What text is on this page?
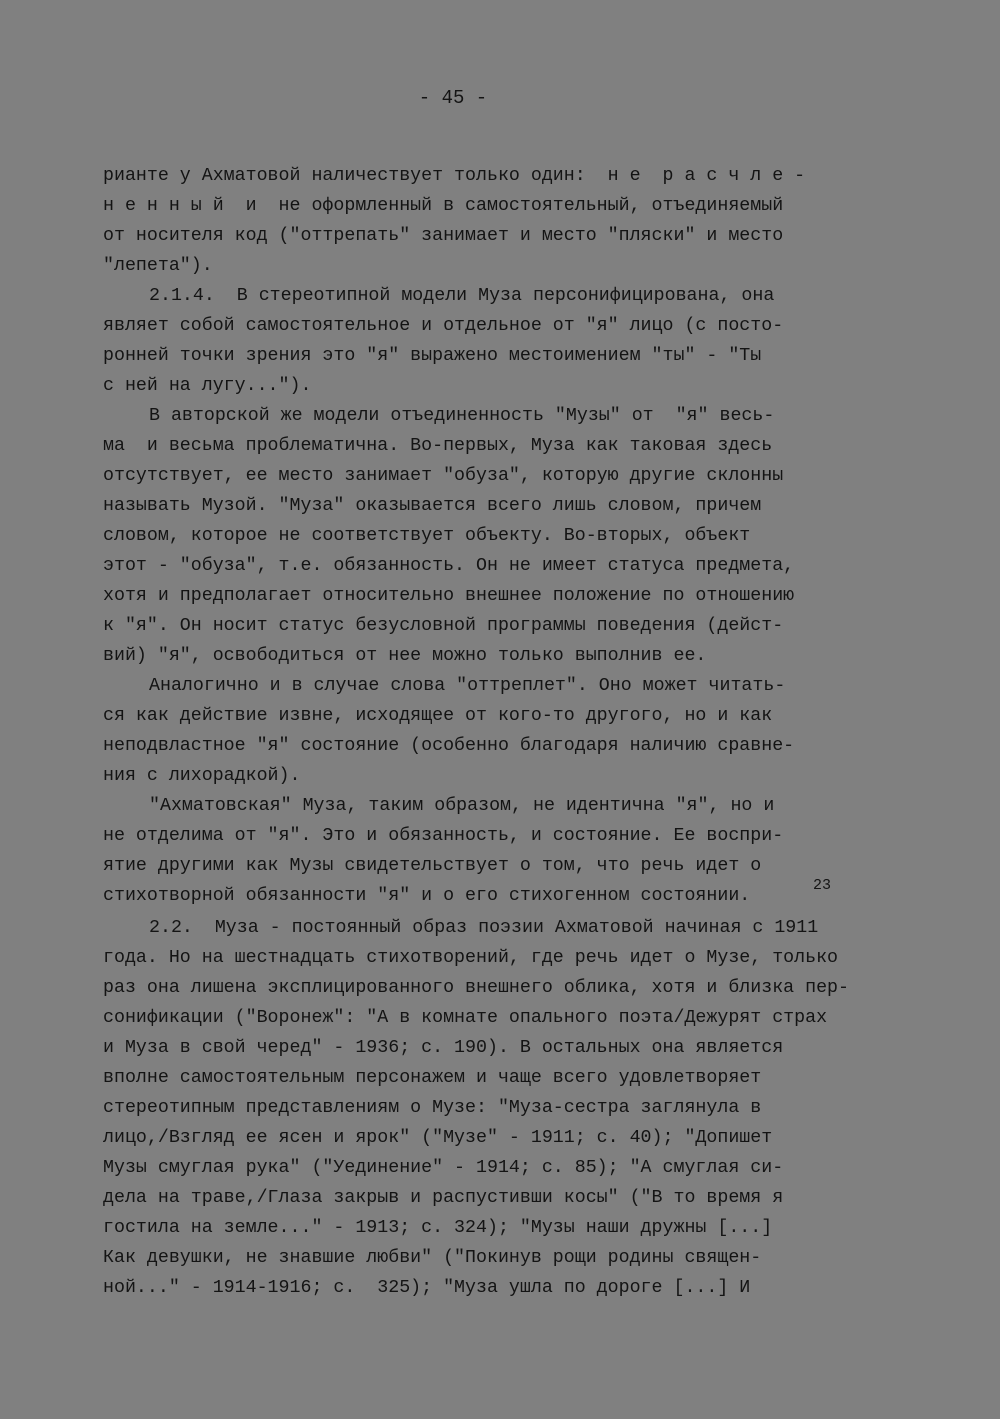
- 45 -
рианте у Ахматовой наличествует только один:  н е  р а с ч л е -
н е н н ы й  и  не оформленный в самостоятельный, отъединяемый
от носителя код ("оттрепать" занимает и место "пляски" и место
"лепета").
2.1.4.  В стереотипной модели Муза персонифицирована, она
являет собой самостоятельное и отдельное от "я" лицо (с посто-
ронней точки зрения это "я" выражено местоимением "ты" - "Ты
с ней на лугу...").
В авторской же модели отъединенность "Музы" от  "я" весь-
ма  и весьма проблематична. Во-первых, Муза как таковая здесь
отсутствует, ее место занимает "обуза", которую другие склонны
называть Музой. "Муза" оказывается всего лишь словом, причем
словом, которое не соответствует объекту. Во-вторых, объект
этот - "обуза", т.е. обязанность. Он не имеет статуса предмета,
хотя и предполагает относительно внешнее положение по отношению
к "я". Он носит статус безусловной программы поведения (дейст-
вий) "я", освободиться от нее можно только выполнив ее.
Аналогично и в случае слова "оттреплет". Оно может читать-
ся как действие извне, исходящее от кого-то другого, но и как
неподвластное "я" состояние (особенно благодаря наличию сравне-
ния с лихорадкой).
"Ахматовская" Муза, таким образом, не идентична "я", но и
не отделима от "я". Это и обязанность, и состояние. Ее воспри-
ятие другими как Музы свидетельствует о том, что речь идет о
стихотворной обязанности "я" и о его стихогенном состоянии.
23
2.2.  Муза - постоянный образ поэзии Ахматовой начиная с 1911
года. Но на шестнадцать стихотворений, где речь идет о Музе, только
раз она лишена эксплицированного внешнего облика, хотя и близка пер-
сонификации ("Воронеж": "А в комнате опального поэта/Дежурят страх
и Муза в свой черед" - 1936; с. 190). В остальных она является
вполне самостоятельным персонажем и чаще всего удовлетворяет
стереотипным представлениям о Музе: "Муза-сестра заглянула в
лицо,/Взгляд ее ясен и ярок" ("Музе" - 1911; с. 40); "Допишет
Музы смуглая рука" ("Уединение" - 1914; с. 85); "А смуглая си-
дела на траве,/Глаза закрыв и распустивши косы" ("В то время я
гостила на земле..." - 1913; с. 324); "Музы наши дружны [...]
Как девушки, не знавшие любви" ("Покинув рощи родины священ-
ной..." - 1914-1916; с.  325); "Муза ушла по дороге [...] И
